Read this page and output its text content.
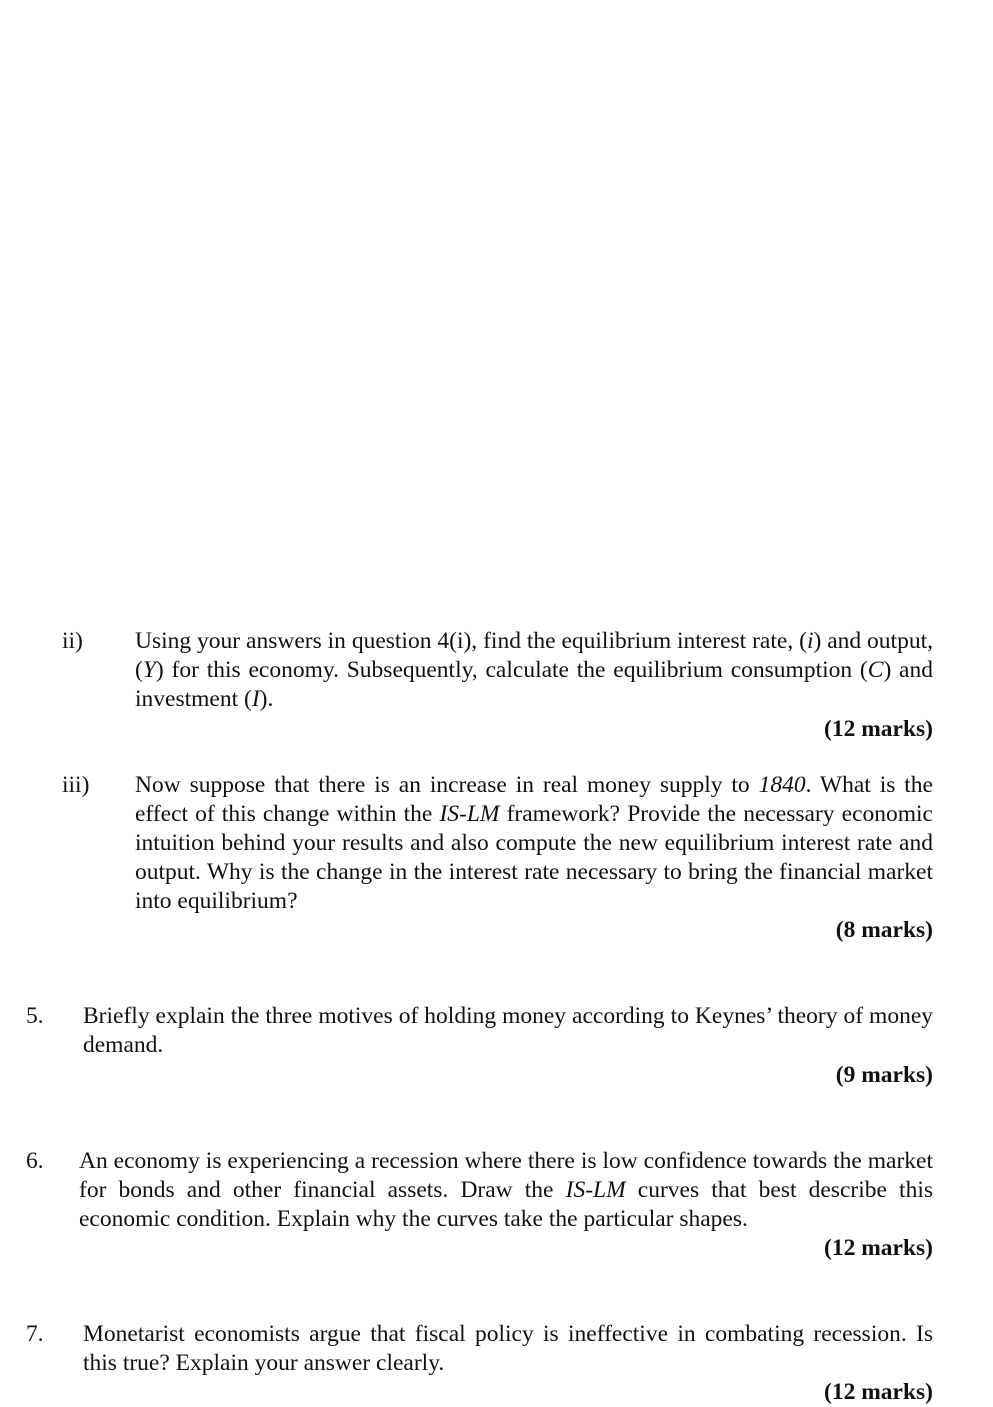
ii) Using your answers in question 4(i), find the equilibrium interest rate, (i) and output, (Y) for this economy. Subsequently, calculate the equilibrium consumption (C) and investment (I).
(12 marks)
iii) Now suppose that there is an increase in real money supply to 1840. What is the effect of this change within the IS-LM framework? Provide the necessary economic intuition behind your results and also compute the new equilibrium interest rate and output. Why is the change in the interest rate necessary to bring the financial market into equilibrium?
(8 marks)
5. Briefly explain the three motives of holding money according to Keynes’ theory of money demand.
(9 marks)
6. An economy is experiencing a recession where there is low confidence towards the market for bonds and other financial assets. Draw the IS-LM curves that best describe this economic condition. Explain why the curves take the particular shapes.
(12 marks)
7. Monetarist economists argue that fiscal policy is ineffective in combating recession. Is this true? Explain your answer clearly.
(12 marks)
